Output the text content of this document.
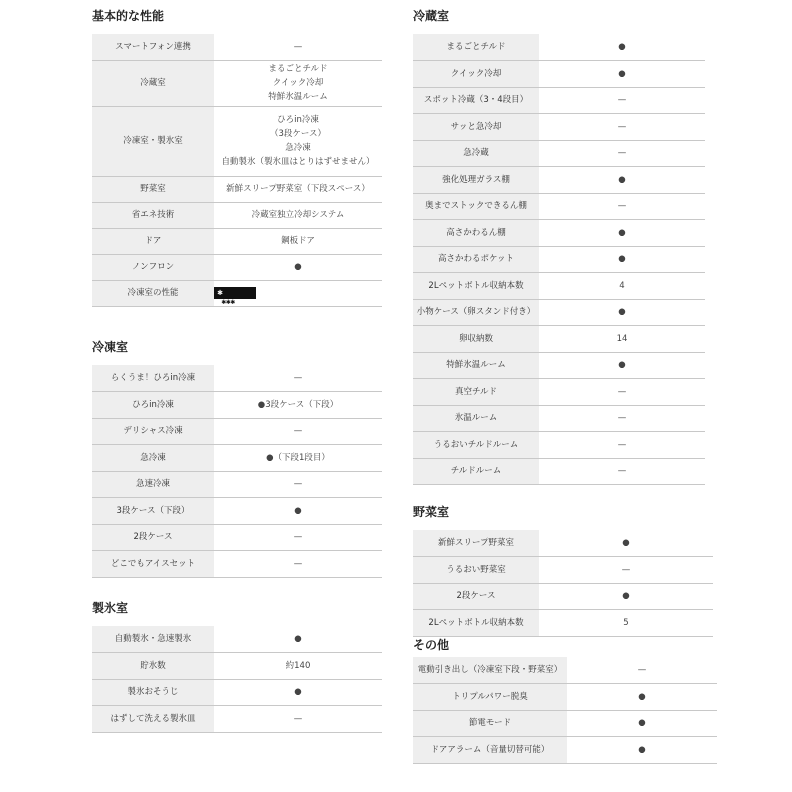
基本的な性能
スマートフォン連携	—

冷蔵室	まるごとチルド
クイック冷却
特鮮氷温ルーム

冷凍室・製氷室	ひろin冷凍
（3段ケース）
急冷凍
自動製氷（製氷皿はとりはずせません）

野菜室	新鮮スリープ野菜室（下段スペース）

省エネ技術	冷蔵室独立冷却システム

ドア	鋼板ドア

ノンフロン	●

冷凍室の性能	✱
✱✱✱
冷凍室
らくうま！ひろin冷凍	—
ひろin冷凍	●3段ケース（下段）
デリシャス冷凍	—
急冷凍	●（下段1段目）
急速冷凍	—
3段ケース（下段）	●
2段ケース	—
どこでもアイスセット	—
製氷室
自動製氷・急速製氷	●
貯氷数	約140
製氷おそうじ	●
はずして洗える製氷皿	—
冷蔵室
まるごとチルド	●
クイック冷却	●
スポット冷蔵（3・4段目）	—
サッと急冷却	—
急冷蔵	—
強化処理ガラス棚	●
奥までストックできるん棚	—
高さかわるん棚	●
高さかわるポケット	●
2Lペットボトル収納本数	4
小物ケース（卵スタンド付き）	●
卵収納数	14
特鮮氷温ルーム	●
真空チルド	—
氷温ルーム	—
うるおいチルドルーム	—
チルドルーム	—
野菜室
新鮮スリープ野菜室	●
うるおい野菜室	—
2段ケース	●
2Lペットボトル収納本数	5
その他
電動引き出し（冷凍室下段・野菜室）	—
トリプルパワー脱臭	●
節電モード	●
ドアアラーム（音量切替可能）	●
